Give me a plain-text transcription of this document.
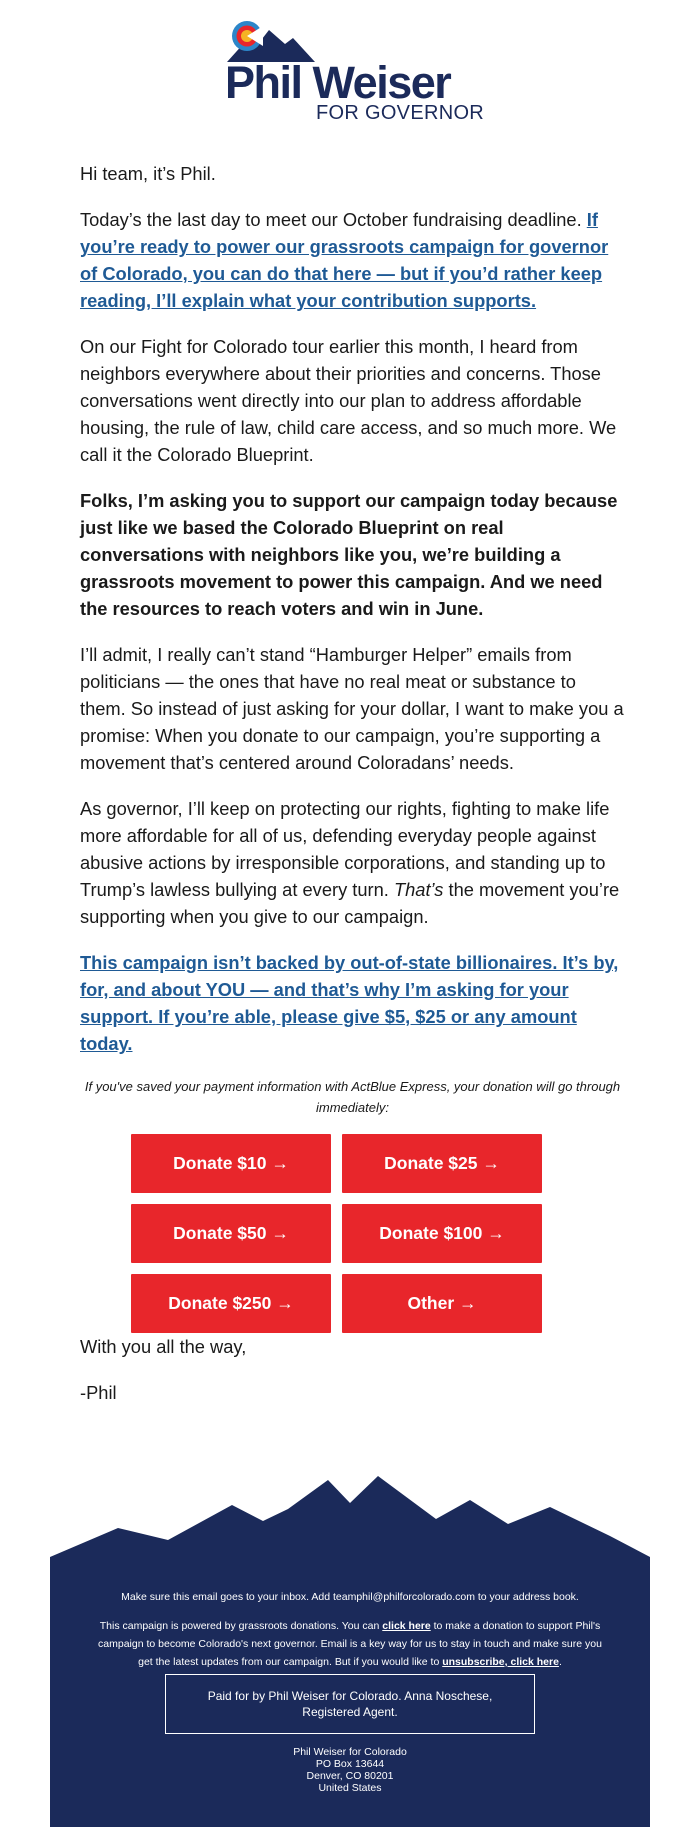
Phil Weiser
FOR GOVERNOR

Hi team, it’s Phil.

Today’s the last day to meet our October fundraising deadline. If you’re ready to power our grassroots campaign for governor of Colorado, you can do that here — but if you’d rather keep reading, I’ll explain what your contribution supports.

On our Fight for Colorado tour earlier this month, I heard from neighbors everywhere about their priorities and concerns. Those conversations went directly into our plan to address affordable housing, the rule of law, child care access, and so much more. We call it the Colorado Blueprint.

Folks, I’m asking you to support our campaign today because just like we based the Colorado Blueprint on real conversations with neighbors like you, we’re building a grassroots movement to power this campaign. And we need the resources to reach voters and win in June.

I’ll admit, I really can’t stand “Hamburger Helper” emails from politicians — the ones that have no real meat or substance to them. So instead of just asking for your dollar, I want to make you a promise: When you donate to our campaign, you’re supporting a movement that’s centered around Coloradans’ needs.

As governor, I’ll keep on protecting our rights, fighting to make life more affordable for all of us, defending everyday people against abusive actions by irresponsible corporations, and standing up to Trump’s lawless bullying at every turn. That’s the movement you’re supporting when you give to our campaign.

This campaign isn’t backed by out-of-state billionaires. It’s by, for, and about YOU — and that’s why I’m asking for your support. If you’re able, please give $5, $25 or any amount today.

If you've saved your payment information with ActBlue Express, your donation will go through immediately:
Donate $10 →	Donate $25 →
Donate $50 →	Donate $100 →
Donate $250 →	Other →

With you all the way,

-Phil

Make sure this email goes to your inbox. Add teamphil@philforcolorado.com to your address book.
This campaign is powered by grassroots donations. You can click here to make a donation to support Phil's campaign to become Colorado's next governor. Email is a key way for us to stay in touch and make sure you get the latest updates from our campaign. But if you would like to unsubscribe, click here.
Paid for by Phil Weiser for Colorado. Anna Noschese, Registered Agent.
Phil Weiser for Colorado
PO Box 13644
Denver, CO 80201
United States
